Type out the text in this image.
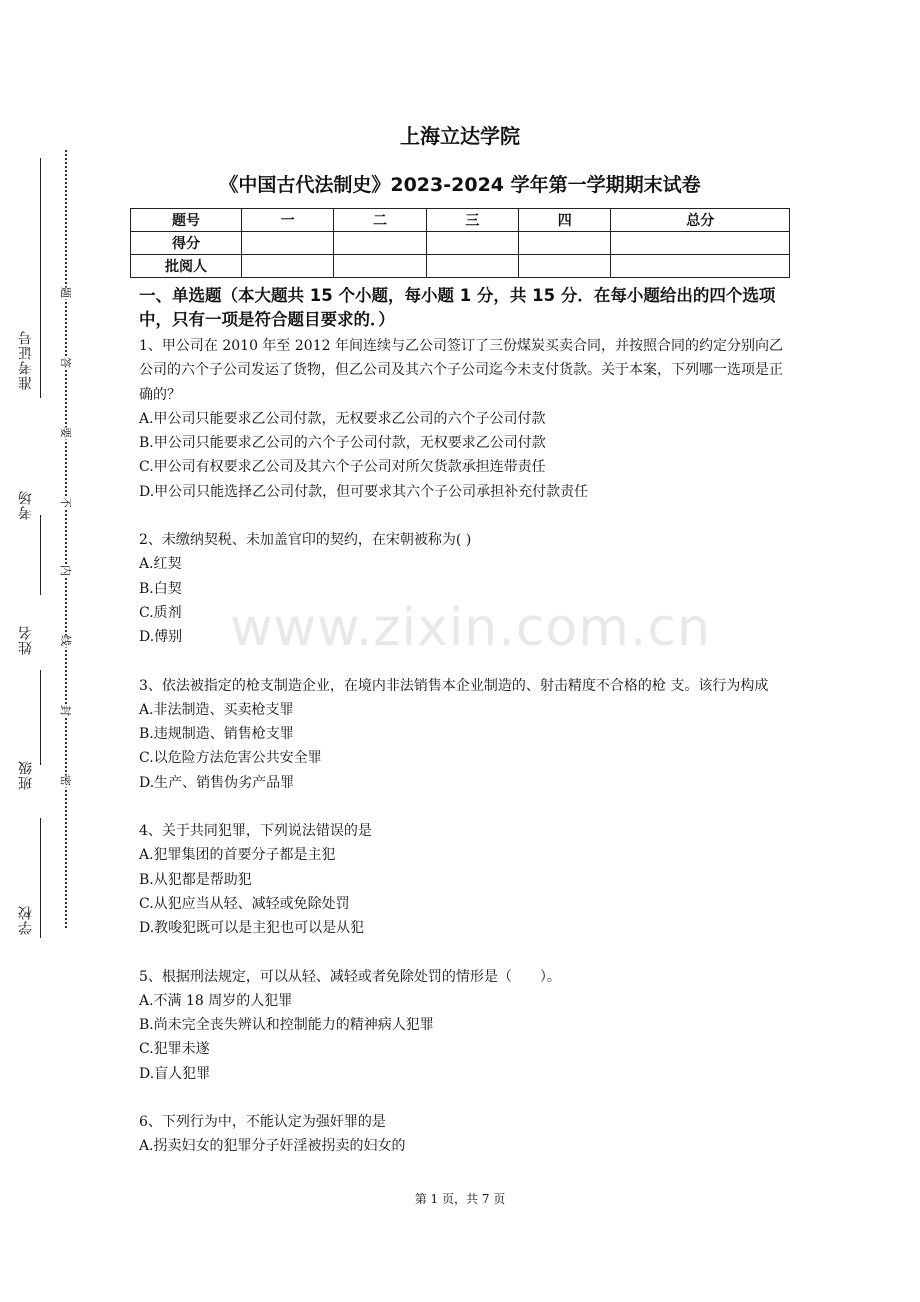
准考证号
考场
姓名
班级
学校
题
答
要
不
内
线
封
密
上海立达学院
《中国古代法制史》2023-2024 学年第一学期期末试卷
题号	一	二	三	四	总分
得分					
批阅人					
一、单选题（本大题共 15 个小题，每小题 1 分，共 15 分．在每小题给出的四个选项中，只有一项是符合题目要求的．）

1、甲公司在 2010 年至 2012 年间连续与乙公司签订了三份煤炭买卖合同，并按照合同的约定分别向乙公司的六个子公司发运了货物，但乙公司及其六个子公司迄今未支付货款。关于本案，下列哪一选项是正确的？

A.甲公司只能要求乙公司付款，无权要求乙公司的六个子公司付款

B.甲公司只能要求乙公司的六个子公司付款，无权要求乙公司付款

C.甲公司有权要求乙公司及其六个子公司对所欠货款承担连带责任

D.甲公司只能选择乙公司付款，但可要求其六个子公司承担补充付款责任

2、未缴纳契税、未加盖官印的契约，在宋朝被称为( )

A.红契

B.白契

C.质剂

D.傅别

3、依法被指定的枪支制造企业，在境内非法销售本企业制造的、射击精度不合格的枪 支。该行为构成

A.非法制造、买卖枪支罪

B.违规制造、销售枪支罪

C.以危险方法危害公共安全罪

D.生产、销售伪劣产品罪

4、关于共同犯罪，下列说法错误的是

A.犯罪集团的首要分子都是主犯

B.从犯都是帮助犯

C.从犯应当从轻、减轻或免除处罚

D.教唆犯既可以是主犯也可以是从犯

5、根据刑法规定，可以从轻、减轻或者免除处罚的情形是（　　）。

A.不满 18 周岁的人犯罪

B.尚未完全丧失辨认和控制能力的精神病人犯罪

C.犯罪未遂

D.盲人犯罪

6、下列行为中，不能认定为强奸罪的是

A.拐卖妇女的犯罪分子奸淫被拐卖的妇女的

www.zixin.com.cn
第 1 页，共 7 页
